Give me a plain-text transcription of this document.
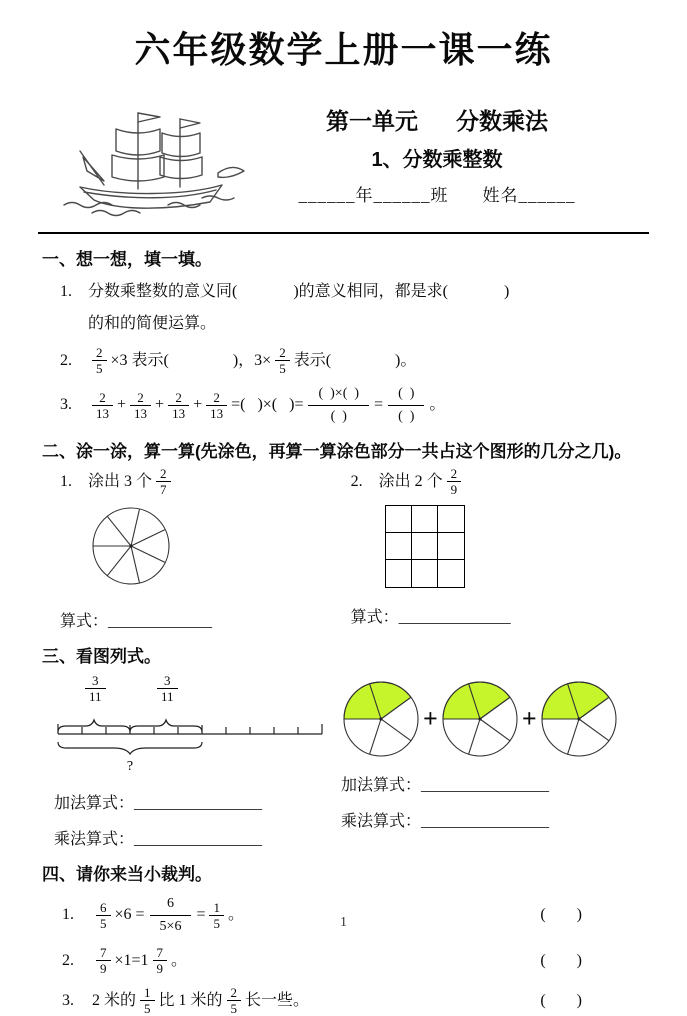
六年级数学上册一课一练
第一单元 分数乘法
1、分数乘整数
______年______班 姓名______
一、想一想，填一填。
1.	分数乘整数的意义同(              )的意义相同，都是求(              )
的和的简便运算。
2.	$\frac{2}{5} \times 3$ 表示(                )，$3\times \frac{2}{5}$ 表示(                )。
3.	$\frac{2}{13} + \frac{2}{13} + \frac{2}{13} + \frac{2}{13}$ =(   )×(   )= $\frac{( )\times( )}{( )} = \frac{( )}{( )}$ 。
二、涂一涂，算一算(先涂色，再算一算涂色部分一共占这个图形的几分之几)。
1.	涂出 3 个 $\frac{2}{7}$
算式：_____________
2.	涂出 2 个 $\frac{2}{9}$
算式：______________
三、看图列式。
$\frac{3}{11}$	$\frac{3}{11}$
?
加法算式：________________
乘法算式：________________
+	+
加法算式：________________
乘法算式：________________
四、请你来当小裁判。
1.	$\frac{6}{5} \times 6 = \frac{6}{5\times 6} = \frac{1}{5}$ 。	(      )
2.	$\frac{7}{9} \times 1= 1 \frac{7}{9}$ 。	(      )
3.	2 米的 $\frac{1}{5}$ 比 1 米的 $\frac{2}{5}$ 长一些。	(      )
1
